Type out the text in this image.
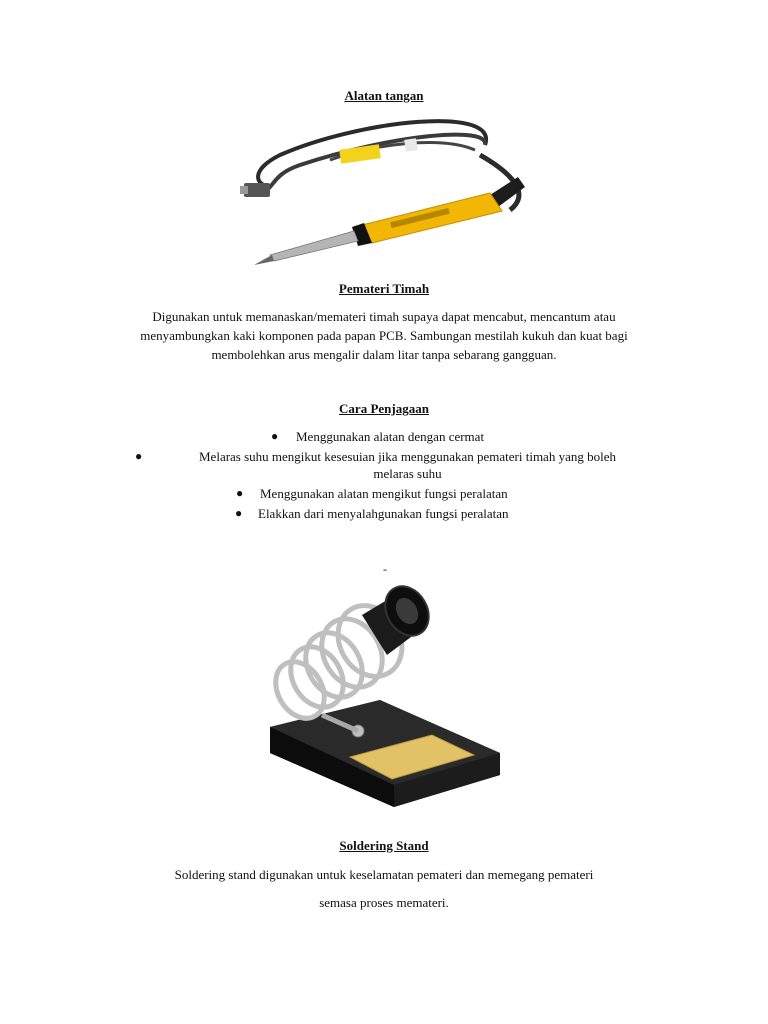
Alatan tangan
Pemateri Timah
Digunakan untuk memanaskan/memateri timah supaya dapat mencabut, mencantum atau
menyambungkan kaki komponen pada papan PCB. Sambungan mestilah kukuh dan kuat bagi
membolehkan arus mengalir dalam litar tanpa sebarang gangguan.
Cara Penjagaan
● Menggunakan alatan dengan cermat
●	Melaras suhu mengikut kesesuian jika menggunakan pemateri timah yang boleh
melaras suhu
● Menggunakan alatan mengikut fungsi peralatan
● Elakkan dari menyalahgunakan fungsi peralatan
-
Soldering Stand
Soldering stand digunakan untuk keselamatan pemateri dan memegang pemateri
semasa proses memateri.
